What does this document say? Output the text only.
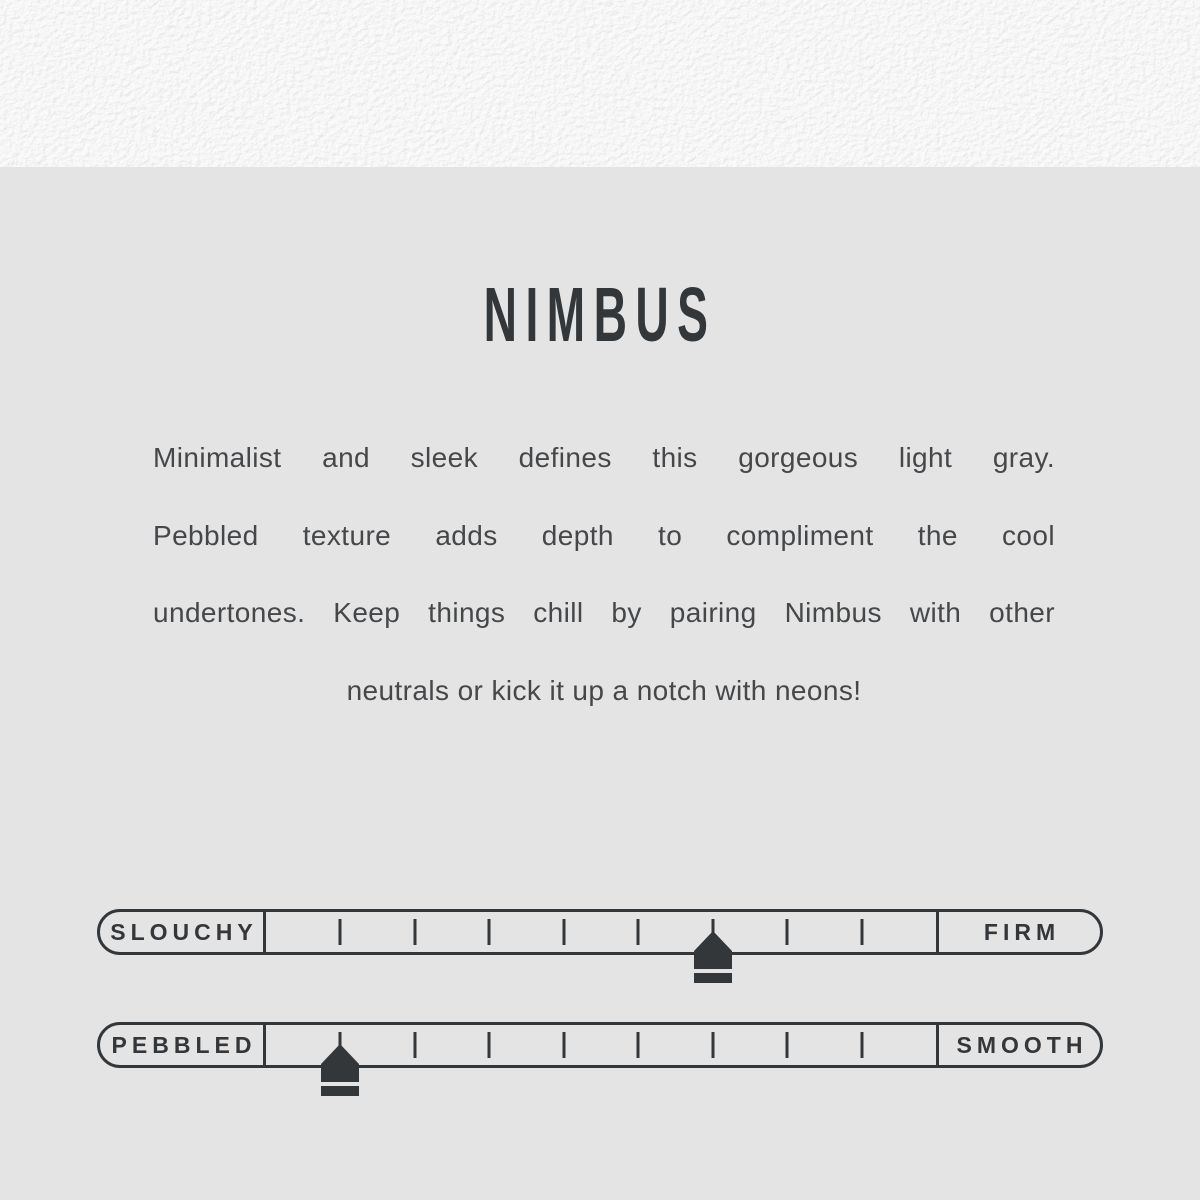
NIMBUS
Minimalist and sleek defines this gorgeous light gray.
Pebbled texture adds depth to compliment the cool
undertones. Keep things chill by pairing Nimbus with other
neutrals or kick it up a notch with neons!
SLOUCHY	FIRM
PEBBLED	SMOOTH
